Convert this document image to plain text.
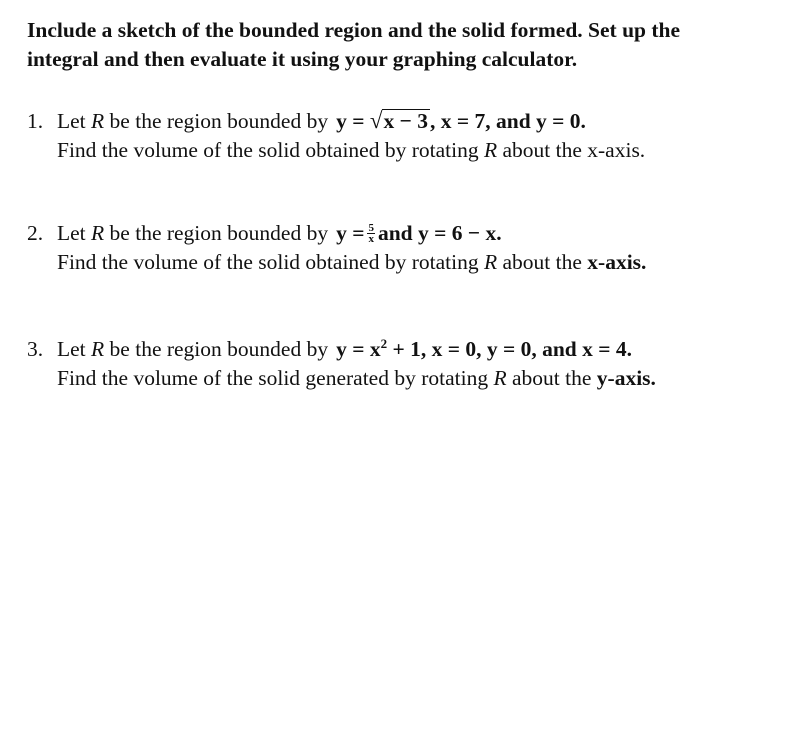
Include a sketch of the bounded region and the solid formed. Set up the
integral and then evaluate it using your graphing calculator.
1. Let R be the region bounded by y = √x − 3, x = 7, and y = 0.
Find the volume of the solid obtained by rotating R about the x-axis.
2. Let R be the region bounded by $y = \frac{5}{x}$ and y = 6 − x.
Find the volume of the solid obtained by rotating R about the x-axis.
3. Let R be the region bounded by $y = x^2 + 1$, x = 0, y = 0, and x = 4.
Find the volume of the solid generated by rotating R about the y-axis.
